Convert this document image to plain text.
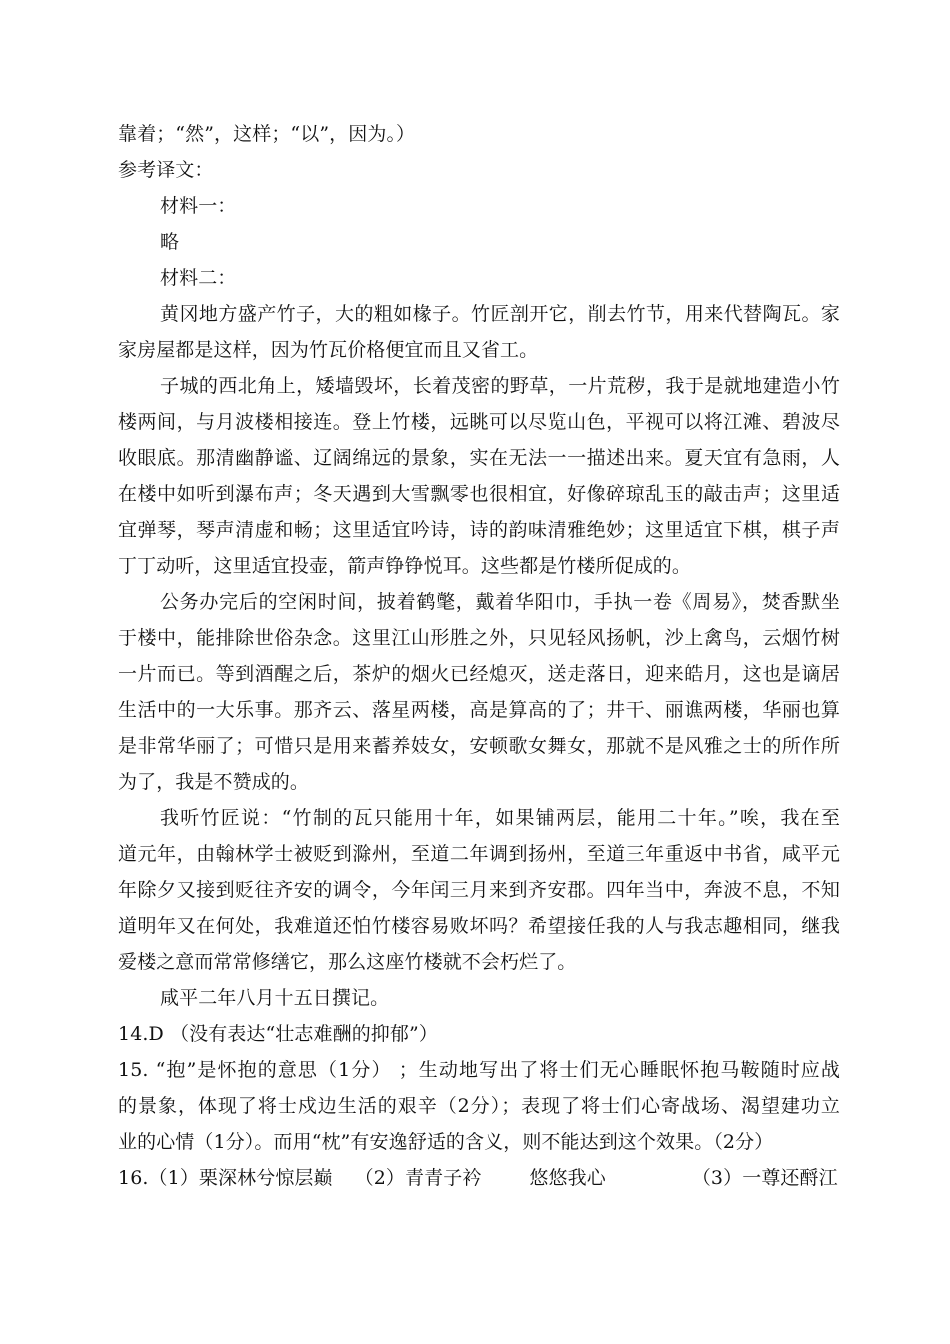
靠着；“然”，这样；“以”，因为。）
参考译文：
材料一：
略
材料二：
黄冈地方盛产竹子，大的粗如椽子。竹匠剖开它，削去竹节，用来代替陶瓦。家
家房屋都是这样，因为竹瓦价格便宜而且又省工。
子城的西北角上，矮墙毁坏，长着茂密的野草，一片荒秽，我于是就地建造小竹
楼两间，与月波楼相接连。登上竹楼，远眺可以尽览山色，平视可以将江滩、碧波尽
收眼底。那清幽静谧、辽阔绵远的景象，实在无法一一描述出来。夏天宜有急雨，人
在楼中如听到瀑布声；冬天遇到大雪飘零也很相宜，好像碎琼乱玉的敲击声；这里适
宜弹琴，琴声清虚和畅；这里适宜吟诗，诗的韵味清雅绝妙；这里适宜下棋，棋子声
丁丁动听，这里适宜投壶，箭声铮铮悦耳。这些都是竹楼所促成的。
公务办完后的空闲时间，披着鹤氅，戴着华阳巾，手执一卷《周易》，焚香默坐
于楼中，能排除世俗杂念。这里江山形胜之外，只见轻风扬帆，沙上禽鸟，云烟竹树
一片而已。等到酒醒之后，茶炉的烟火已经熄灭，送走落日，迎来皓月，这也是谪居
生活中的一大乐事。那齐云、落星两楼，高是算高的了；井干、丽谯两楼，华丽也算
是非常华丽了；可惜只是用来蓄养妓女，安顿歌女舞女，那就不是风雅之士的所作所
为了，我是不赞成的。
我听竹匠说：“竹制的瓦只能用十年，如果铺两层，能用二十年。”唉，我在至
道元年，由翰林学士被贬到滁州，至道二年调到扬州，至道三年重返中书省，咸平元
年除夕又接到贬往齐安的调令，今年闰三月来到齐安郡。四年当中，奔波不息，不知
道明年又在何处，我难道还怕竹楼容易败坏吗？希望接任我的人与我志趣相同，继我
爱楼之意而常常修缮它，那么这座竹楼就不会朽烂了。
咸平二年八月十五日撰记。
14.D （没有表达“壮志难酬的抑郁”）
15. “抱”是怀抱的意思（1分） ；生动地写出了将士们无心睡眠怀抱马鞍随时应战
的景象，体现了将士戍边生活的艰辛（2分）；表现了将士们心寄战场、渴望建功立
业的心情（1分）。而用“枕”有安逸舒适的含义，则不能达到这个效果。（2分）
16.（1）栗深林兮惊层巅 （2）青青子衿	悠悠我心	（3）一尊还酹江
